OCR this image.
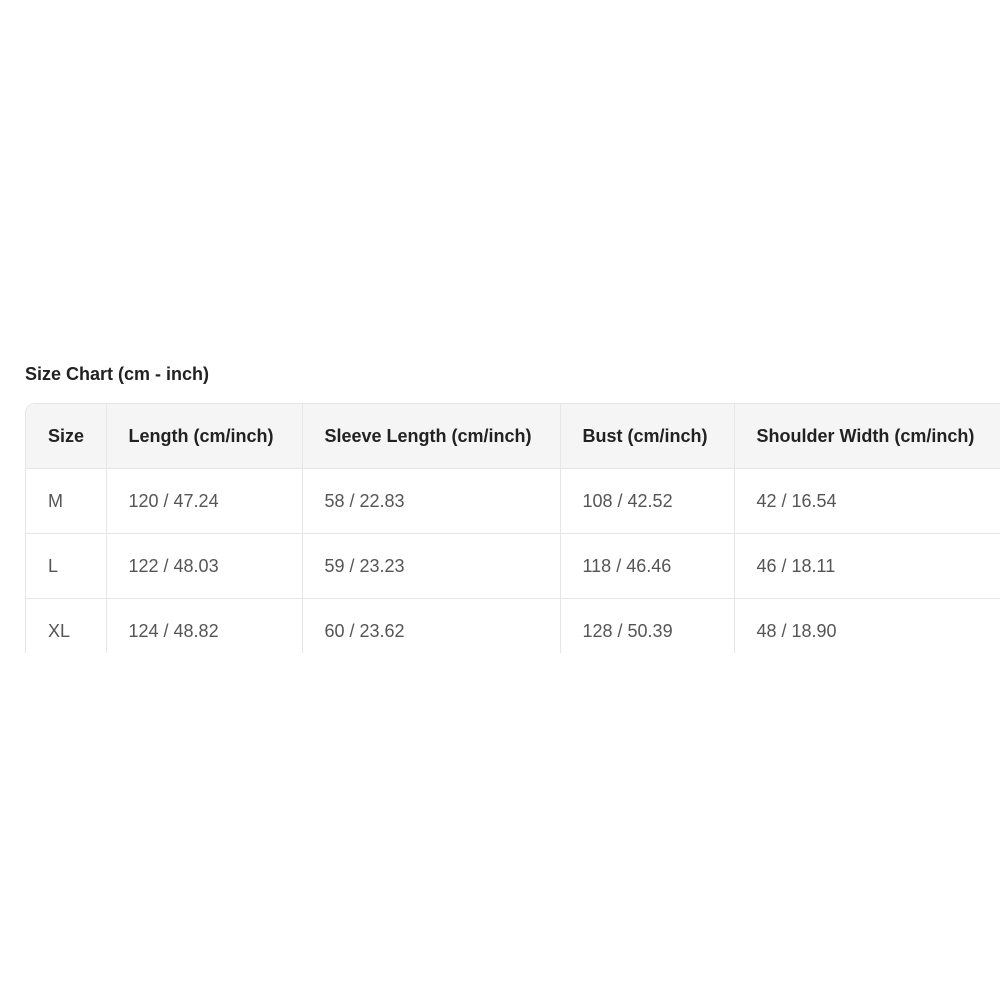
Size Chart (cm - inch)
Size	Length (cm/inch)	Sleeve Length (cm/inch)	Bust (cm/inch)	Shoulder Width (cm/inch)
M	120 / 47.24	58 / 22.83	108 / 42.52	42 / 16.54
L	122 / 48.03	59 / 23.23	118 / 46.46	46 / 18.11
XL	124 / 48.82	60 / 23.62	128 / 50.39	48 / 18.90
